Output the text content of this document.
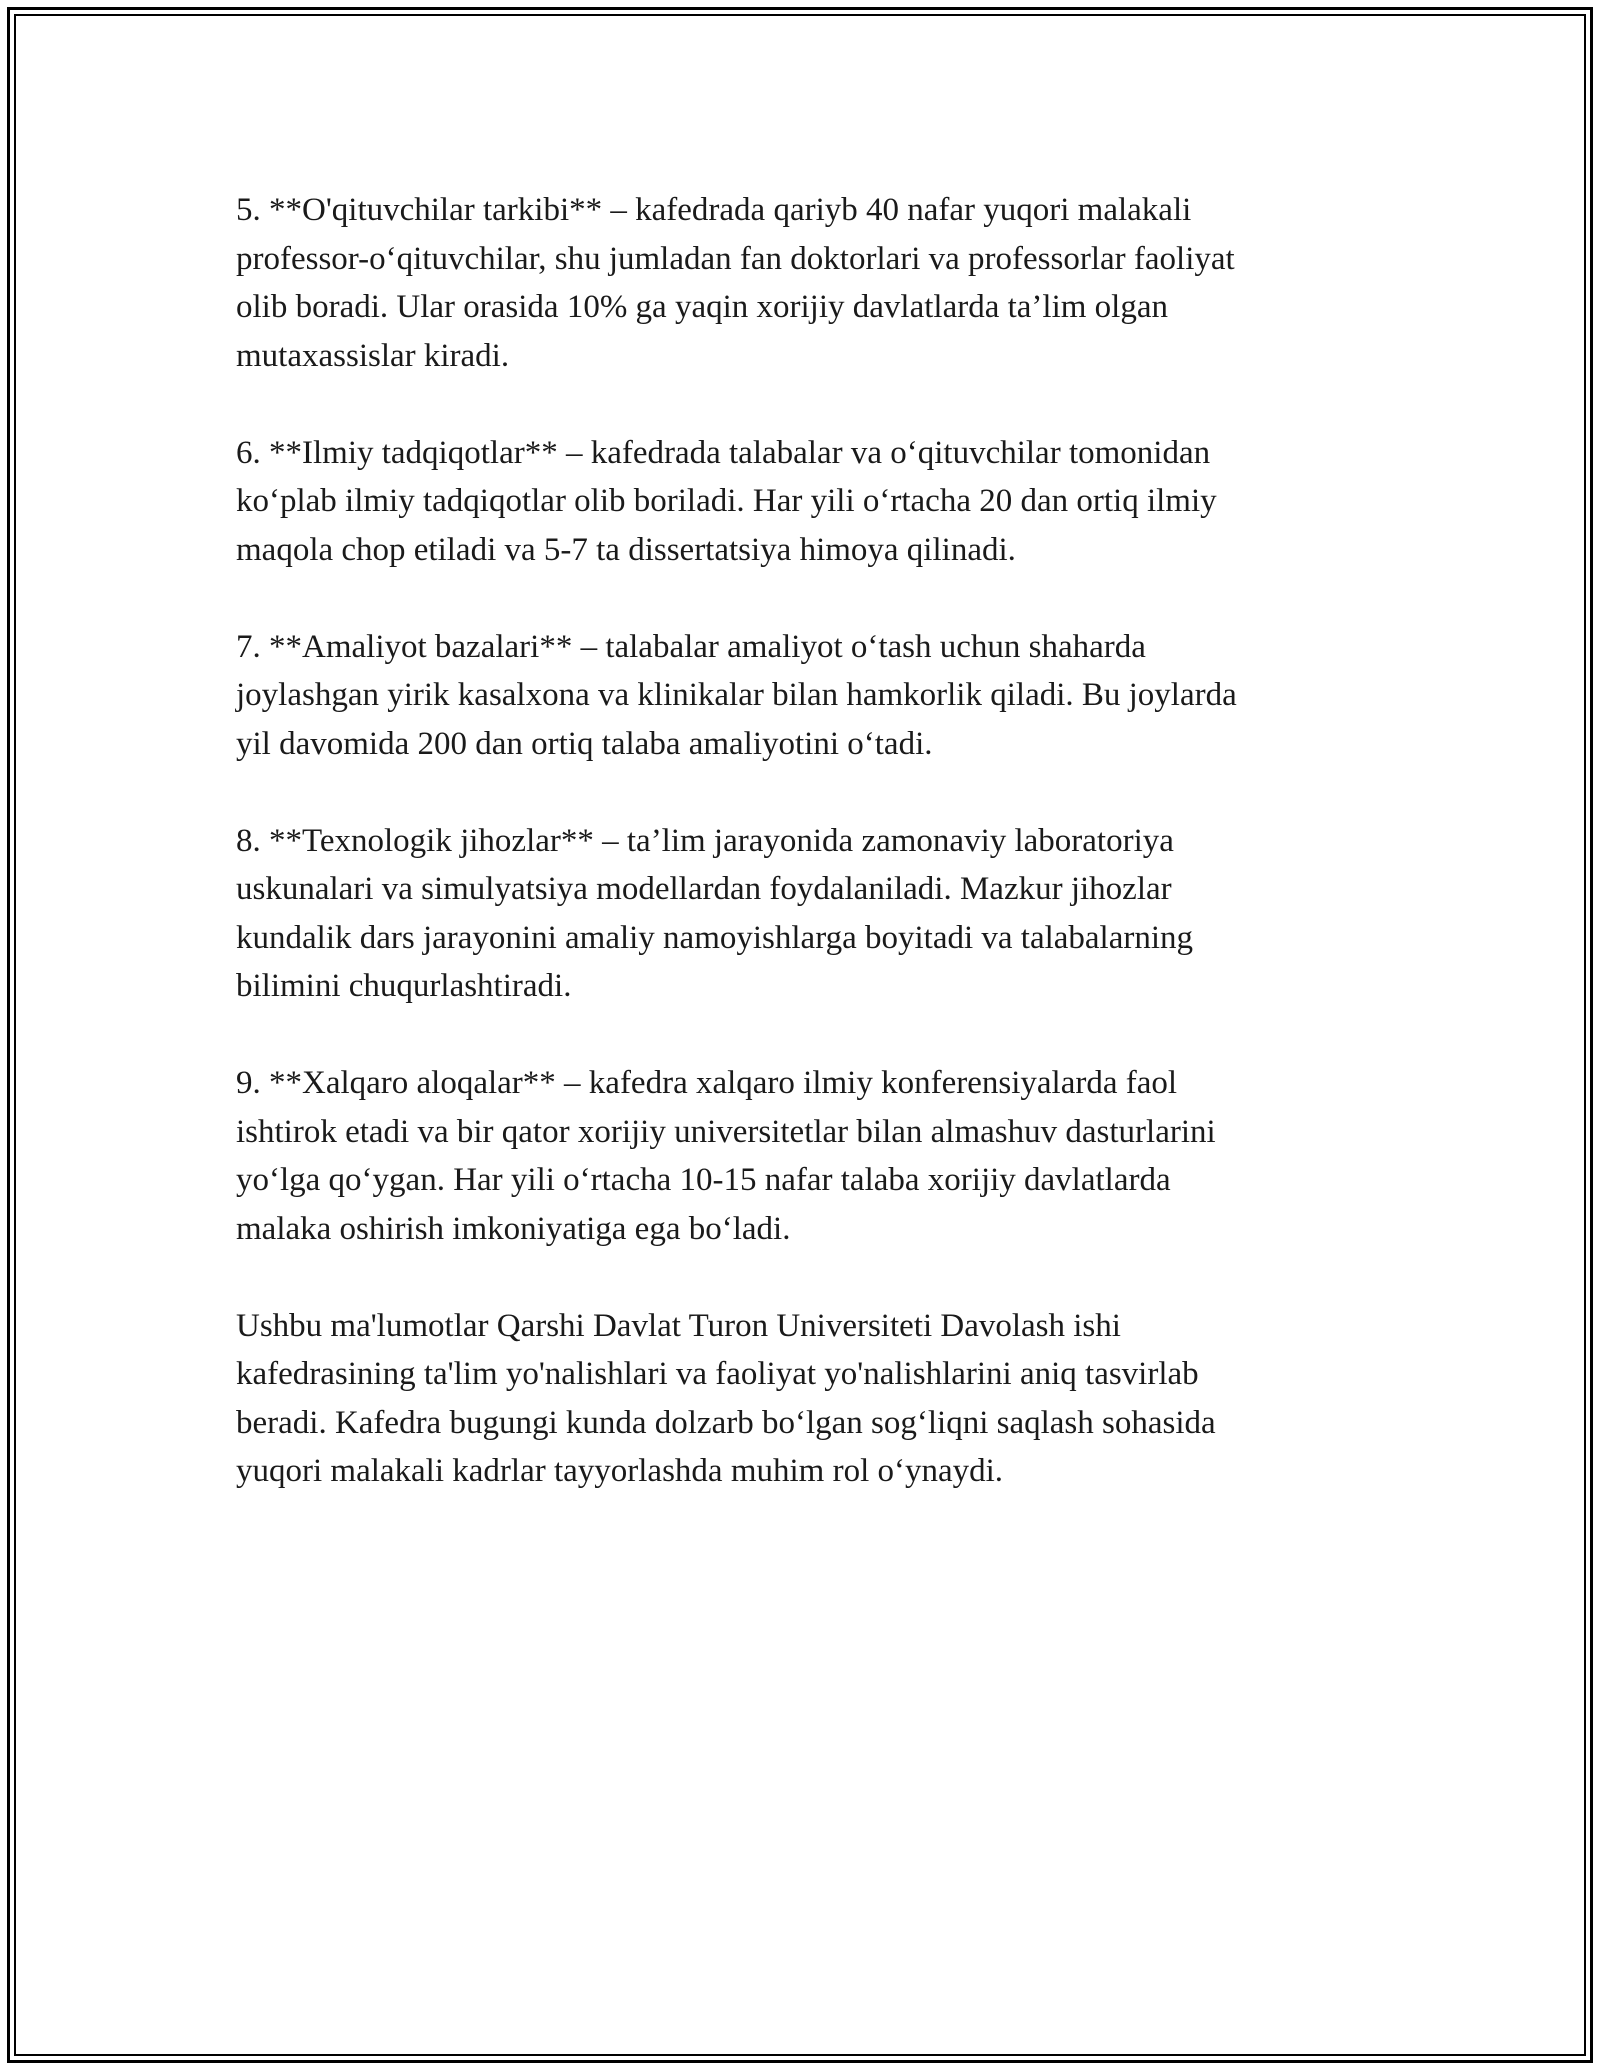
5. **O'qituvchilar tarkibi** – kafedrada qariyb 40 nafar yuqori malakali
professor-o‘qituvchilar, shu jumladan fan doktorlari va professorlar faoliyat
olib boradi. Ular orasida 10% ga yaqin xorijiy davlatlarda ta’lim olgan
mutaxassislar kiradi.

6. **Ilmiy tadqiqotlar** – kafedrada talabalar va o‘qituvchilar tomonidan
ko‘plab ilmiy tadqiqotlar olib boriladi. Har yili o‘rtacha 20 dan ortiq ilmiy
maqola chop etiladi va 5-7 ta dissertatsiya himoya qilinadi.

7. **Amaliyot bazalari** – talabalar amaliyot o‘tash uchun shaharda
joylashgan yirik kasalxona va klinikalar bilan hamkorlik qiladi. Bu joylarda
yil davomida 200 dan ortiq talaba amaliyotini o‘tadi.

8. **Texnologik jihozlar** – ta’lim jarayonida zamonaviy laboratoriya
uskunalari va simulyatsiya modellardan foydalaniladi. Mazkur jihozlar
kundalik dars jarayonini amaliy namoyishlarga boyitadi va talabalarning
bilimini chuqurlashtiradi.

9. **Xalqaro aloqalar** – kafedra xalqaro ilmiy konferensiyalarda faol
ishtirok etadi va bir qator xorijiy universitetlar bilan almashuv dasturlarini
yo‘lga qo‘ygan. Har yili o‘rtacha 10-15 nafar talaba xorijiy davlatlarda
malaka oshirish imkoniyatiga ega bo‘ladi.

Ushbu ma'lumotlar Qarshi Davlat Turon Universiteti Davolash ishi
kafedrasining ta'lim yo'nalishlari va faoliyat yo'nalishlarini aniq tasvirlab
beradi. Kafedra bugungi kunda dolzarb bo‘lgan sog‘liqni saqlash sohasida
yuqori malakali kadrlar tayyorlashda muhim rol o‘ynaydi.
